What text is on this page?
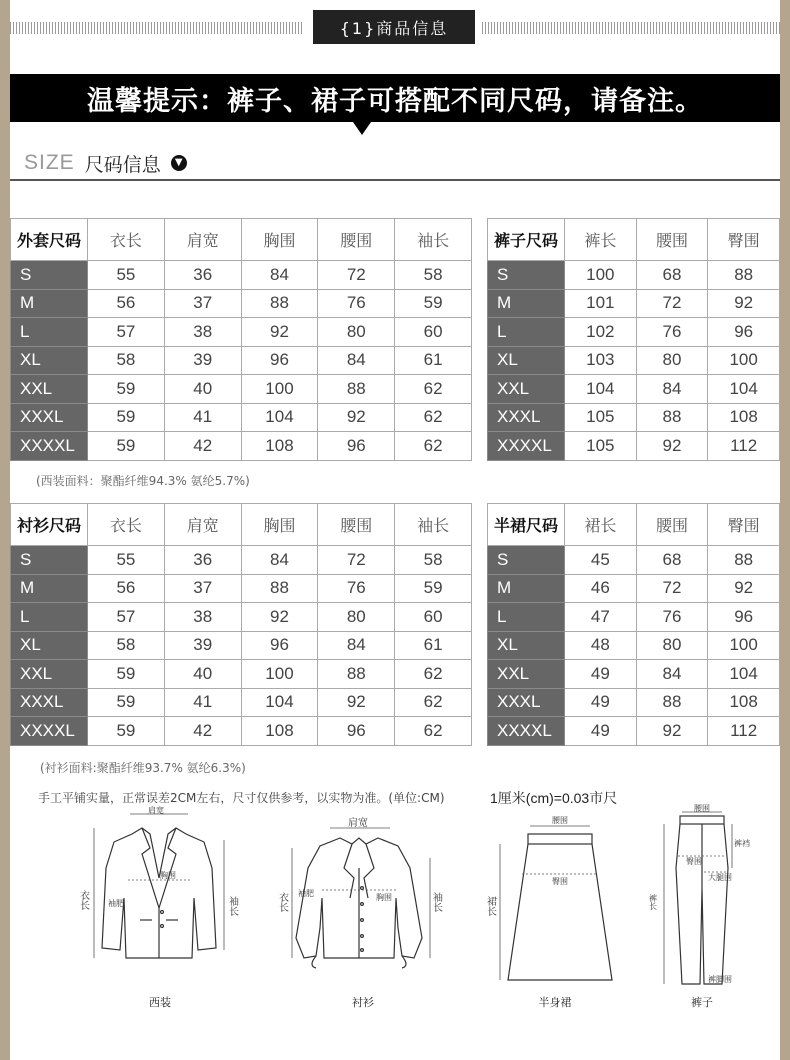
{1}商品信息
温馨提示：裤子、裙子可搭配不同尺码，请备注。
SIZE 尺码信息	▼
外套尺码	衣长	肩宽	胸围	腰围	袖长
S	55	36	84	72	58
M	56	37	88	76	59
L	57	38	92	80	60
XL	58	39	96	84	61
XXL	59	40	100	88	62
XXXL	59	41	104	92	62
XXXXL	59	42	108	96	62
裤子尺码	裤长	腰围	臀围
S	100	68	88
M	101	72	92
L	102	76	96
XL	103	80	100
XXL	104	84	104
XXXL	105	88	108
XXXXL	105	92	112
(西装面料：聚酯纤维94.3% 氨纶5.7%)
衬衫尺码	衣长	肩宽	胸围	腰围	袖长
S	55	36	84	72	58
M	56	37	88	76	59
L	57	38	92	80	60
XL	58	39	96	84	61
XXL	59	40	100	88	62
XXXL	59	41	104	92	62
XXXXL	59	42	108	96	62
半裙尺码	裙长	腰围	臀围
S	45	68	88
M	46	72	92
L	47	76	96
XL	48	80	100
XXL	49	84	104
XXXL	49	88	108
XXXXL	49	92	112
(衬衫面料:聚酯纤维93.7% 氨纶6.3%)
手工平铺实量，正常误差2CM左右，尺寸仅供参考，以实物为准。(单位:CM)	1厘米(cm)=0.03市尺
肩宽
胸围
袖肥
衣长	袖长
西装
肩宽
胸围
袖肥
衣长	袖长
衬衫
腰围
臀围
裙长
半身裙
腰围
裤裆
臀围
大腿围
裤脚围
裤长
裤子
